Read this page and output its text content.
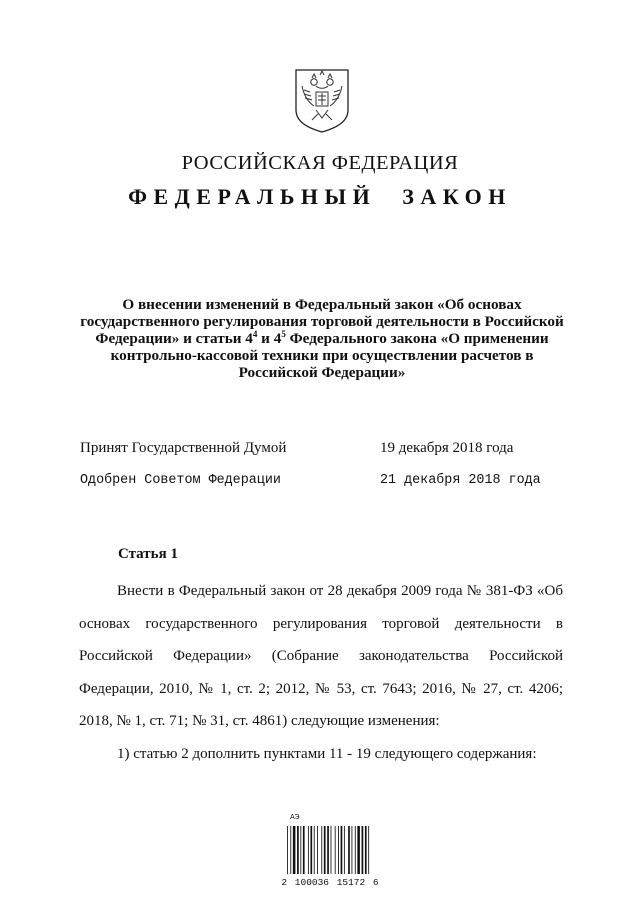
РОССИЙСКАЯ ФЕДЕРАЦИЯ
ФЕДЕРАЛЬНЫЙ ЗАКОН
О внесении изменений в Федеральный закон «Об основах государственного регулирования торговой деятельности в Российской Федерации» и статьи $4^4$ и $4^5$ Федерального закона «О применении контрольно-кассовой техники при осуществлении расчетов в Российской Федерации»
Принят Государственной Думой	19 декабря 2018 года
Одобрен Советом Федерации	21 декабря 2018 года
Статья 1

Внести в Федеральный закон от 28 декабря 2009 года № 381-ФЗ «Об основах государственного регулирования торговой деятельности в Российской Федерации» (Собрание законодательства Российской Федерации, 2010, № 1, ст. 2; 2012, № 53, ст. 7643; 2016, № 27, ст. 4206; 2018, № 1, ст. 71; № 31, ст. 4861) следующие изменения:

1) статью 2 дополнить пунктами 11 - 19 следующего содержания:

АЭ
2 100036 15172 6
